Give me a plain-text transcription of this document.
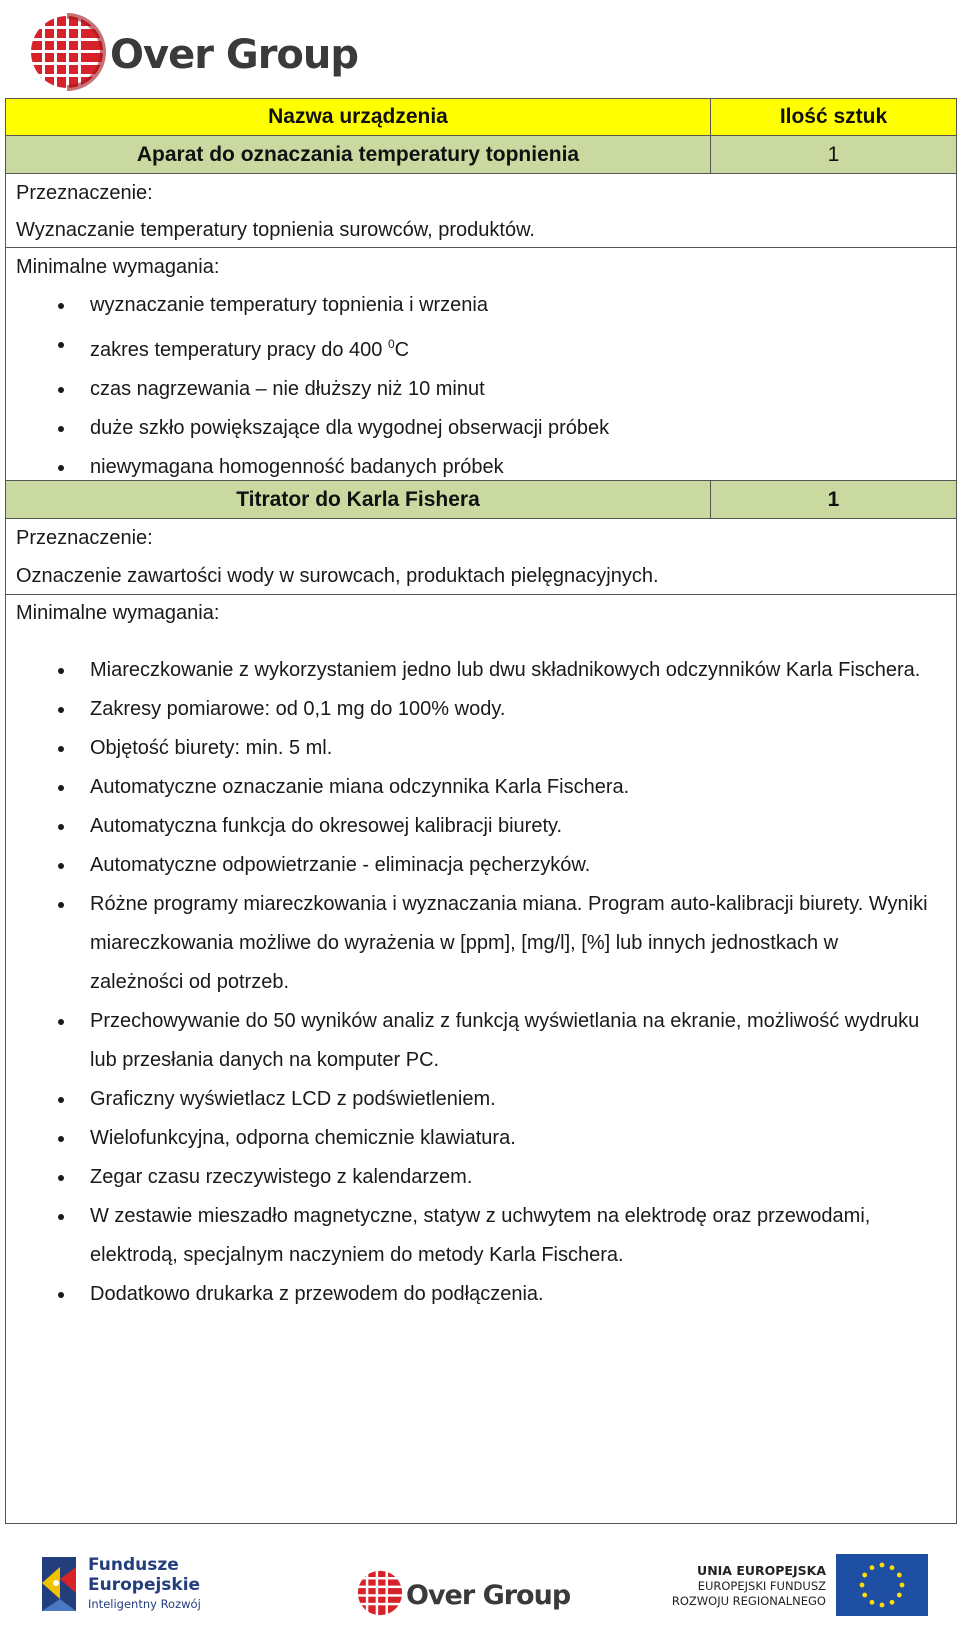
Over Group
Nazwa urządzenia	Ilość sztuk
Aparat do oznaczania temperatury topnienia	1
Przeznaczenie:
Wyznaczanie temperatury topnienia surowców, produktów.
Minimalne wymagania:
wyznaczanie temperatury topnienia i wrzenia
zakres temperatury pracy do 400 $^0$C
czas nagrzewania – nie dłuższy niż 10 minut
duże szkło powiększające dla wygodnej obserwacji próbek
niewymagana homogenność badanych próbek
Titrator do Karla Fishera	1
Przeznaczenie:
Oznaczenie zawartości wody w surowcach, produktach pielęgnacyjnych.
Minimalne wymagania:
Miareczkowanie z wykorzystaniem jedno lub dwu składnikowych odczynników Karla Fischera.
Zakresy pomiarowe: od 0,1 mg do 100% wody.
Objętość biurety: min. 5 ml.
Automatyczne oznaczanie miana odczynnika Karla Fischera.
Automatyczna funkcja do okresowej kalibracji biurety.
Automatyczne odpowietrzanie - eliminacja pęcherzyków.
Różne programy miareczkowania i wyznaczania miana. Program auto-kalibracji biurety. Wyniki miareczkowania możliwe do wyrażenia w [ppm], [mg/l], [%] lub innych jednostkach w zależności od potrzeb.
Przechowywanie do 50 wyników analiz z funkcją wyświetlania na ekranie, możliwość wydruku lub przesłania danych na komputer PC.
Graficzny wyświetlacz LCD z podświetleniem.
Wielofunkcyjna, odporna chemicznie klawiatura.
Zegar czasu rzeczywistego z kalendarzem.
W zestawie mieszadło magnetyczne, statyw z uchwytem na elektrodę oraz przewodami, elektrodą, specjalnym naczyniem do metody Karla Fischera.
Dodatkowo drukarka z przewodem do podłączenia.
Fundusze
Europejskie
Inteligentny Rozwój	Over Group
UNIA EUROPEJSKA
EUROPEJSKI FUNDUSZ
ROZWOJU REGIONALNEGO
